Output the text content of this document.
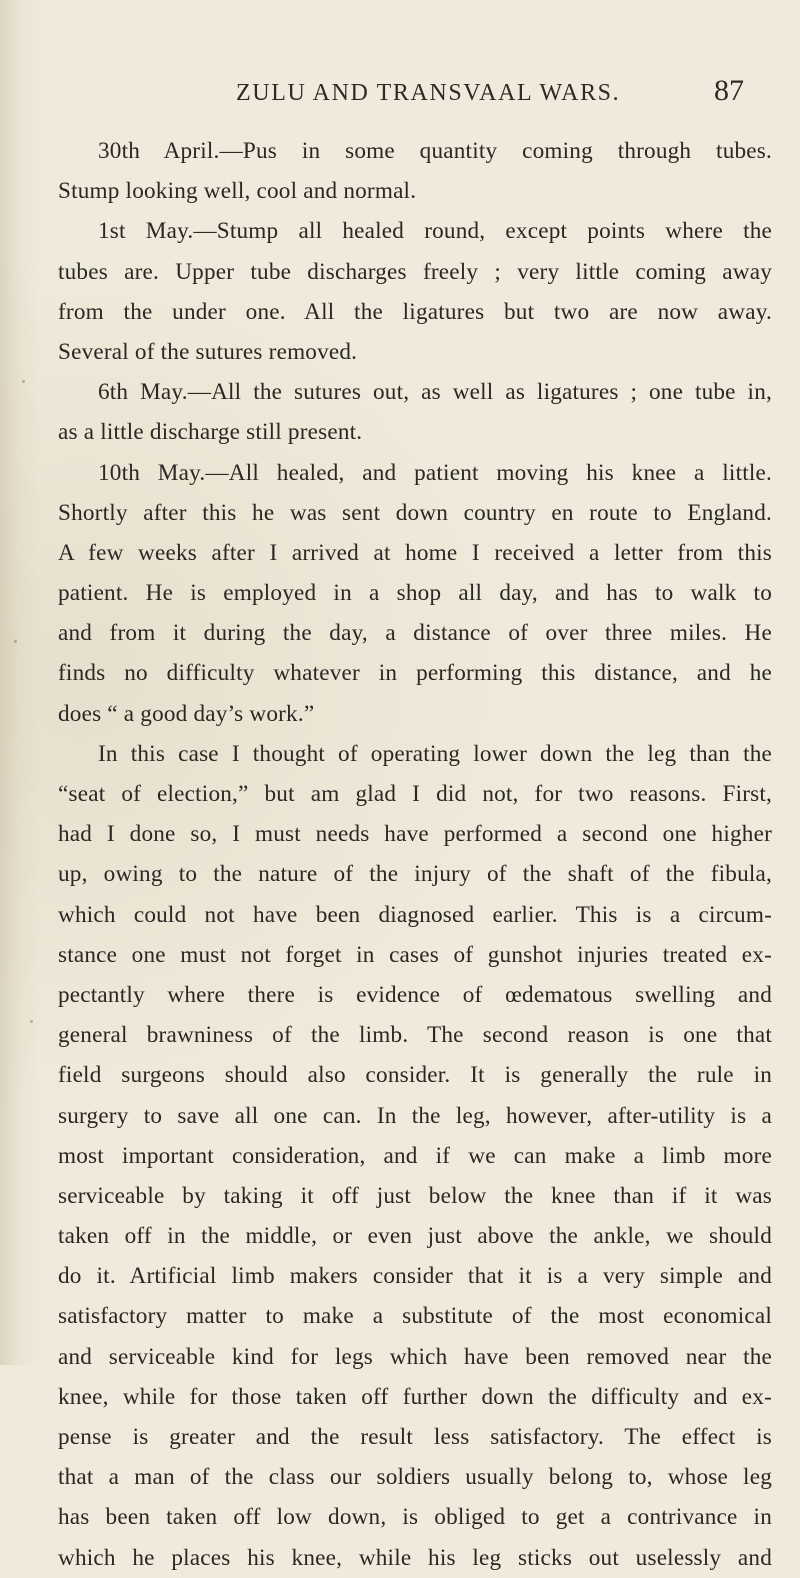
ZULU AND TRANSVAAL WARS.	87
30th April.—Pus in some quantity coming through tubes.
Stump looking well, cool and normal.
1st May.—Stump all healed round, except points where the
tubes are. Upper tube discharges freely ; very little coming away
from the under one. All the ligatures but two are now away.
Several of the sutures removed.
6th May.—All the sutures out, as well as ligatures ; one tube in,
as a little discharge still present.
10th May.—All healed, and patient moving his knee a little.
Shortly after this he was sent down country en route to England.
A few weeks after I arrived at home I received a letter from this
patient. He is employed in a shop all day, and has to walk to
and from it during the day, a distance of over three miles. He
finds no difficulty whatever in performing this distance, and he
does “ a good day’s work.”
In this case I thought of operating lower down the leg than the
“seat of election,” but am glad I did not, for two reasons. First,
had I done so, I must needs have performed a second one higher
up, owing to the nature of the injury of the shaft of the fibula,
which could not have been diagnosed earlier. This is a circum-
stance one must not forget in cases of gunshot injuries treated ex-
pectantly where there is evidence of œdematous swelling and
general brawniness of the limb. The second reason is one that
field surgeons should also consider. It is generally the rule in
surgery to save all one can. In the leg, however, after-utility is a
most important consideration, and if we can make a limb more
serviceable by taking it off just below the knee than if it was
taken off in the middle, or even just above the ankle, we should
do it. Artificial limb makers consider that it is a very simple and
satisfactory matter to make a substitute of the most economical
and serviceable kind for legs which have been removed near the
knee, while for those taken off further down the difficulty and ex-
pense is greater and the result less satisfactory. The effect is
that a man of the class our soldiers usually belong to, whose leg
has been taken off low down, is obliged to get a contrivance in
which he places his knee, while his leg sticks out uselessly and
